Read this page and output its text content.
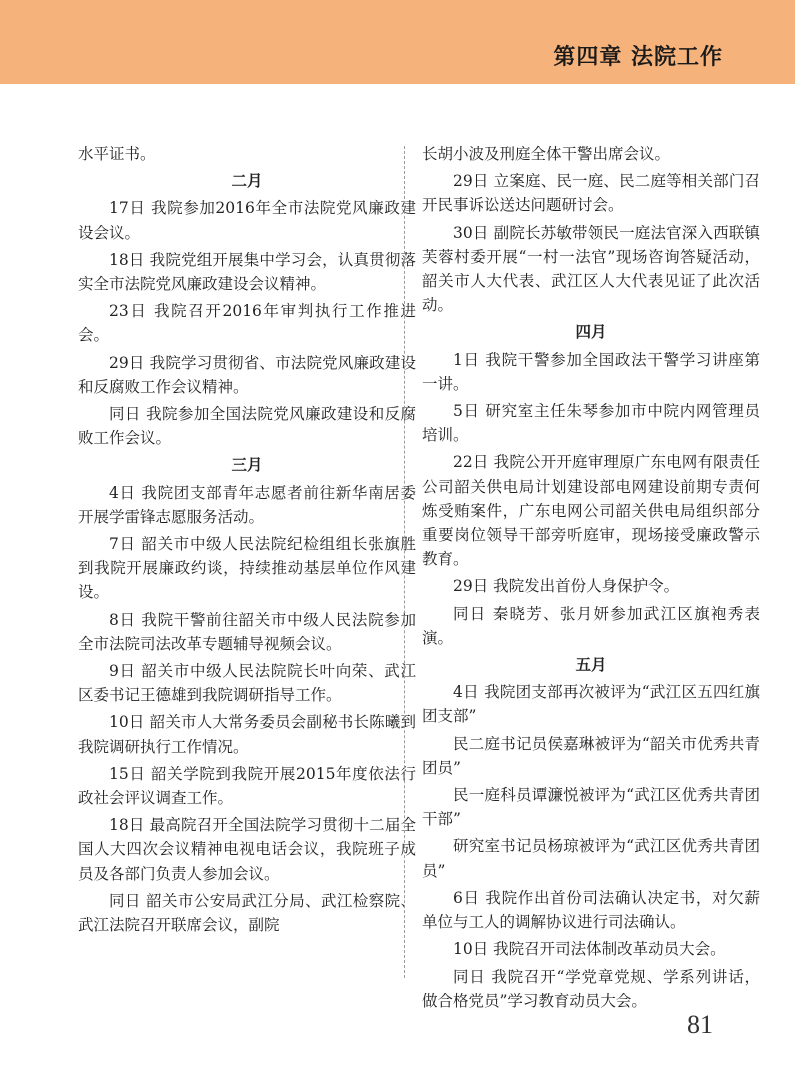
第四章 法院工作

水平证书。

二月

17日 我院参加2016年全市法院党风廉政建设会议。

18日 我院党组开展集中学习会，认真贯彻落实全市法院党风廉政建设会议精神。

23日 我院召开2016年审判执行工作推进会。

29日 我院学习贯彻省、市法院党风廉政建设和反腐败工作会议精神。

同日 我院参加全国法院党风廉政建设和反腐败工作会议。

三月

4日 我院团支部青年志愿者前往新华南居委开展学雷锋志愿服务活动。

7日 韶关市中级人民法院纪检组组长张旗胜到我院开展廉政约谈，持续推动基层单位作风建设。

8日 我院干警前往韶关市中级人民法院参加全市法院司法改革专题辅导视频会议。

9日 韶关市中级人民法院院长叶向荣、武江区委书记王德雄到我院调研指导工作。

10日 韶关市人大常务委员会副秘书长陈曦到我院调研执行工作情况。

15日 韶关学院到我院开展2015年度依法行政社会评议调查工作。

18日 最高院召开全国法院学习贯彻十二届全国人大四次会议精神电视电话会议，我院班子成员及各部门负责人参加会议。

同日 韶关市公安局武江分局、武江检察院、武江法院召开联席会议，副院

长胡小波及刑庭全体干警出席会议。

29日 立案庭、民一庭、民二庭等相关部门召开民事诉讼送达问题研讨会。

30日 副院长苏敏带领民一庭法官深入西联镇芙蓉村委开展“一村一法官”现场咨询答疑活动，韶关市人大代表、武江区人大代表见证了此次活动。

四月

1日 我院干警参加全国政法干警学习讲座第一讲。

5日 研究室主任朱琴参加市中院内网管理员培训。

22日 我院公开开庭审理原广东电网有限责任公司韶关供电局计划建设部电网建设前期专责何炼受贿案件，广东电网公司韶关供电局组织部分重要岗位领导干部旁听庭审，现场接受廉政警示教育。

29日 我院发出首份人身保护令。

同日 秦晓芳、张月妍参加武江区旗袍秀表演。

五月

4日 我院团支部再次被评为“武江区五四红旗团支部”

民二庭书记员侯嘉琳被评为“韶关市优秀共青团员”

民一庭科员谭濂悦被评为“武江区优秀共青团干部”

研究室书记员杨琼被评为“武江区优秀共青团员”

6日 我院作出首份司法确认决定书，对欠薪单位与工人的调解协议进行司法确认。

10日 我院召开司法体制改革动员大会。

同日 我院召开“学党章党规、学系列讲话，做合格党员”学习教育动员大会。

81
